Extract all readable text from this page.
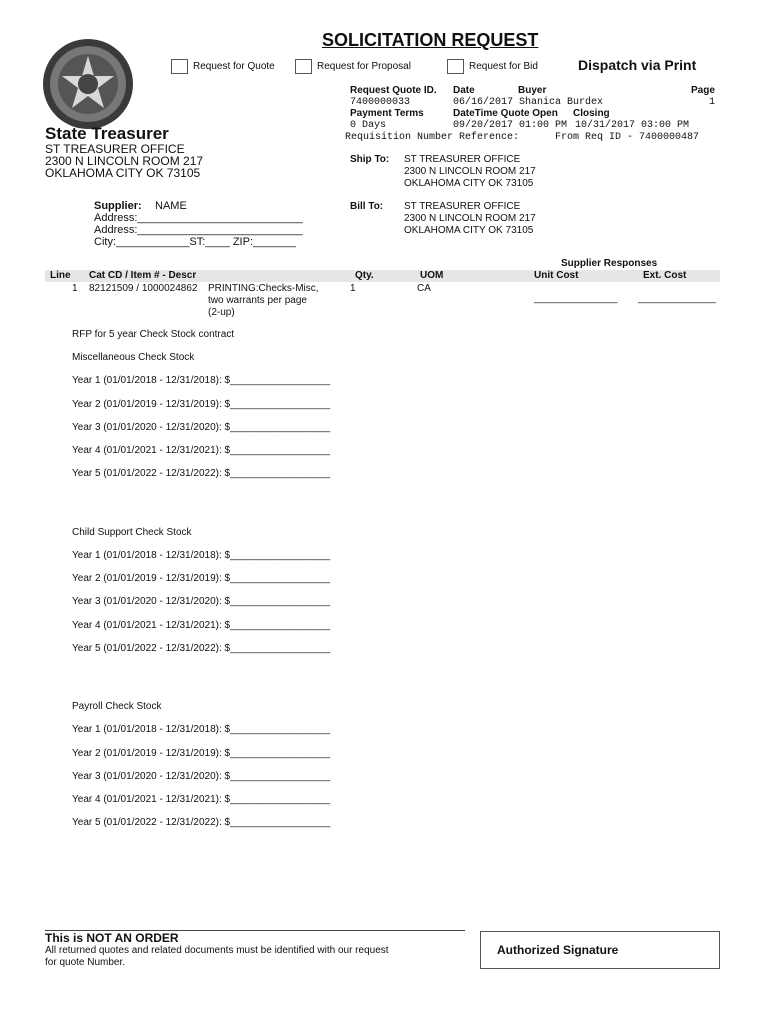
SOLICITATION REQUEST
Request for Quote	Request for Proposal	Request for Bid	Dispatch via Print
State Treasurer
ST TREASURER OFFICE
2300 N LINCOLN ROOM 217
OKLAHOMA CITY OK 73105
Request Quote ID. Date	Buyer	Page
7400000033	06/16/2017 Shanica Burdex	1
Payment Terms	DateTime Quote Open Closing
0 Days	09/20/2017 01:00 PM 10/31/2017 03:00 PM
Requisition Number Reference:	From Req ID - 7400000487
Ship To: ST TREASURER OFFICE
2300 N LINCOLN ROOM 217
OKLAHOMA CITY OK 73105
Bill To: ST TREASURER OFFICE
2300 N LINCOLN ROOM 217
OKLAHOMA CITY OK 73105
Supplier: NAME
Address:___________________________
Address:___________________________
City:____________ST:____ ZIP:_______
Supplier Responses
Line Cat CD / Item # - Descr	Qty.	UOM	Unit Cost	Ext. Cost
1 82121509 / 1000024862 PRINTING:Checks-Misc,
two warrants per page
(2-up)
1	CA
_______________ ______________
RFP for 5 year Check Stock contract
Miscellaneous Check Stock
Year 1 (01/01/2018 - 12/31/2018): $__________________
Year 2 (01/01/2019 - 12/31/2019): $__________________
Year 3 (01/01/2020 - 12/31/2020): $__________________
Year 4 (01/01/2021 - 12/31/2021): $__________________
Year 5 (01/01/2022 - 12/31/2022): $__________________
Child Support Check Stock
Year 1 (01/01/2018 - 12/31/2018): $__________________
Year 2 (01/01/2019 - 12/31/2019): $__________________
Year 3 (01/01/2020 - 12/31/2020): $__________________
Year 4 (01/01/2021 - 12/31/2021): $__________________
Year 5 (01/01/2022 - 12/31/2022): $__________________
Payroll Check Stock
Year 1 (01/01/2018 - 12/31/2018): $__________________
Year 2 (01/01/2019 - 12/31/2019): $__________________
Year 3 (01/01/2020 - 12/31/2020): $__________________
Year 4 (01/01/2021 - 12/31/2021): $__________________
Year 5 (01/01/2022 - 12/31/2022): $__________________
This is NOT AN ORDER
All returned quotes and related documents must be identified with our request
for quote Number.
Authorized Signature
